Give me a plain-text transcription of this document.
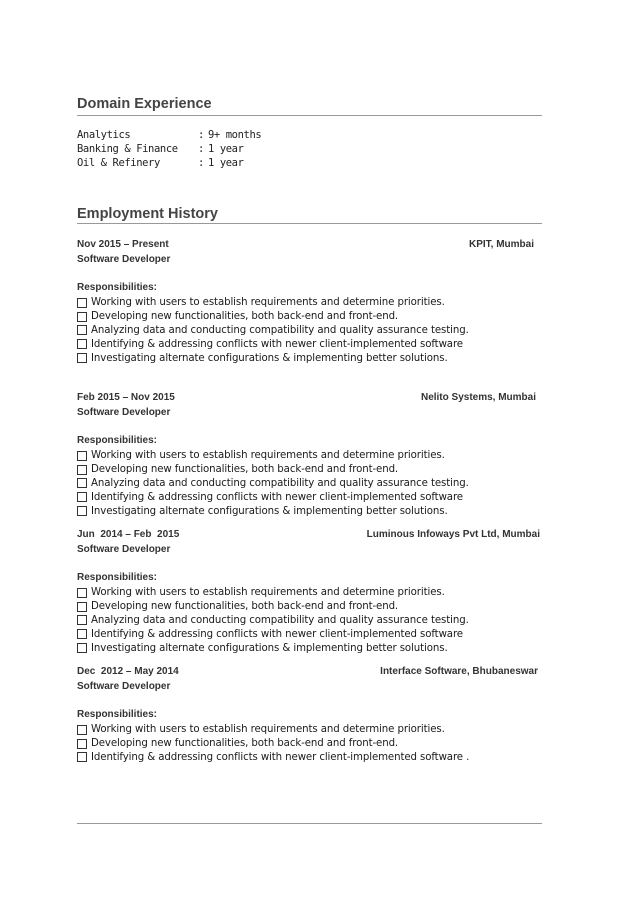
Domain Experience
Analytics	: 9+ months
Banking & Finance : 1 year
Oil & Refinery	: 1 year
Employment History
Nov 2015 – Present	KPIT, Mumbai
Software Developer
Responsibilities:
Working with users to establish requirements and determine priorities.
Developing new functionalities, both back-end and front-end.
Analyzing data and conducting compatibility and quality assurance testing.
Identifying & addressing conflicts with newer client-implemented software
Investigating alternate configurations & implementing better solutions.
Feb 2015 – Nov 2015	Nelito Systems, Mumbai
Software Developer
Responsibilities:
Working with users to establish requirements and determine priorities.
Developing new functionalities, both back-end and front-end.
Analyzing data and conducting compatibility and quality assurance testing.
Identifying & addressing conflicts with newer client-implemented software
Investigating alternate configurations & implementing better solutions.
Jun  2014 – Feb  2015	Luminous Infoways Pvt Ltd, Mumbai
Software Developer
Responsibilities:
Working with users to establish requirements and determine priorities.
Developing new functionalities, both back-end and front-end.
Analyzing data and conducting compatibility and quality assurance testing.
Identifying & addressing conflicts with newer client-implemented software
Investigating alternate configurations & implementing better solutions.
Dec  2012 – May 2014	Interface Software, Bhubaneswar
Software Developer
Responsibilities:
Working with users to establish requirements and determine priorities.
Developing new functionalities, both back-end and front-end.
Identifying & addressing conflicts with newer client-implemented software .
